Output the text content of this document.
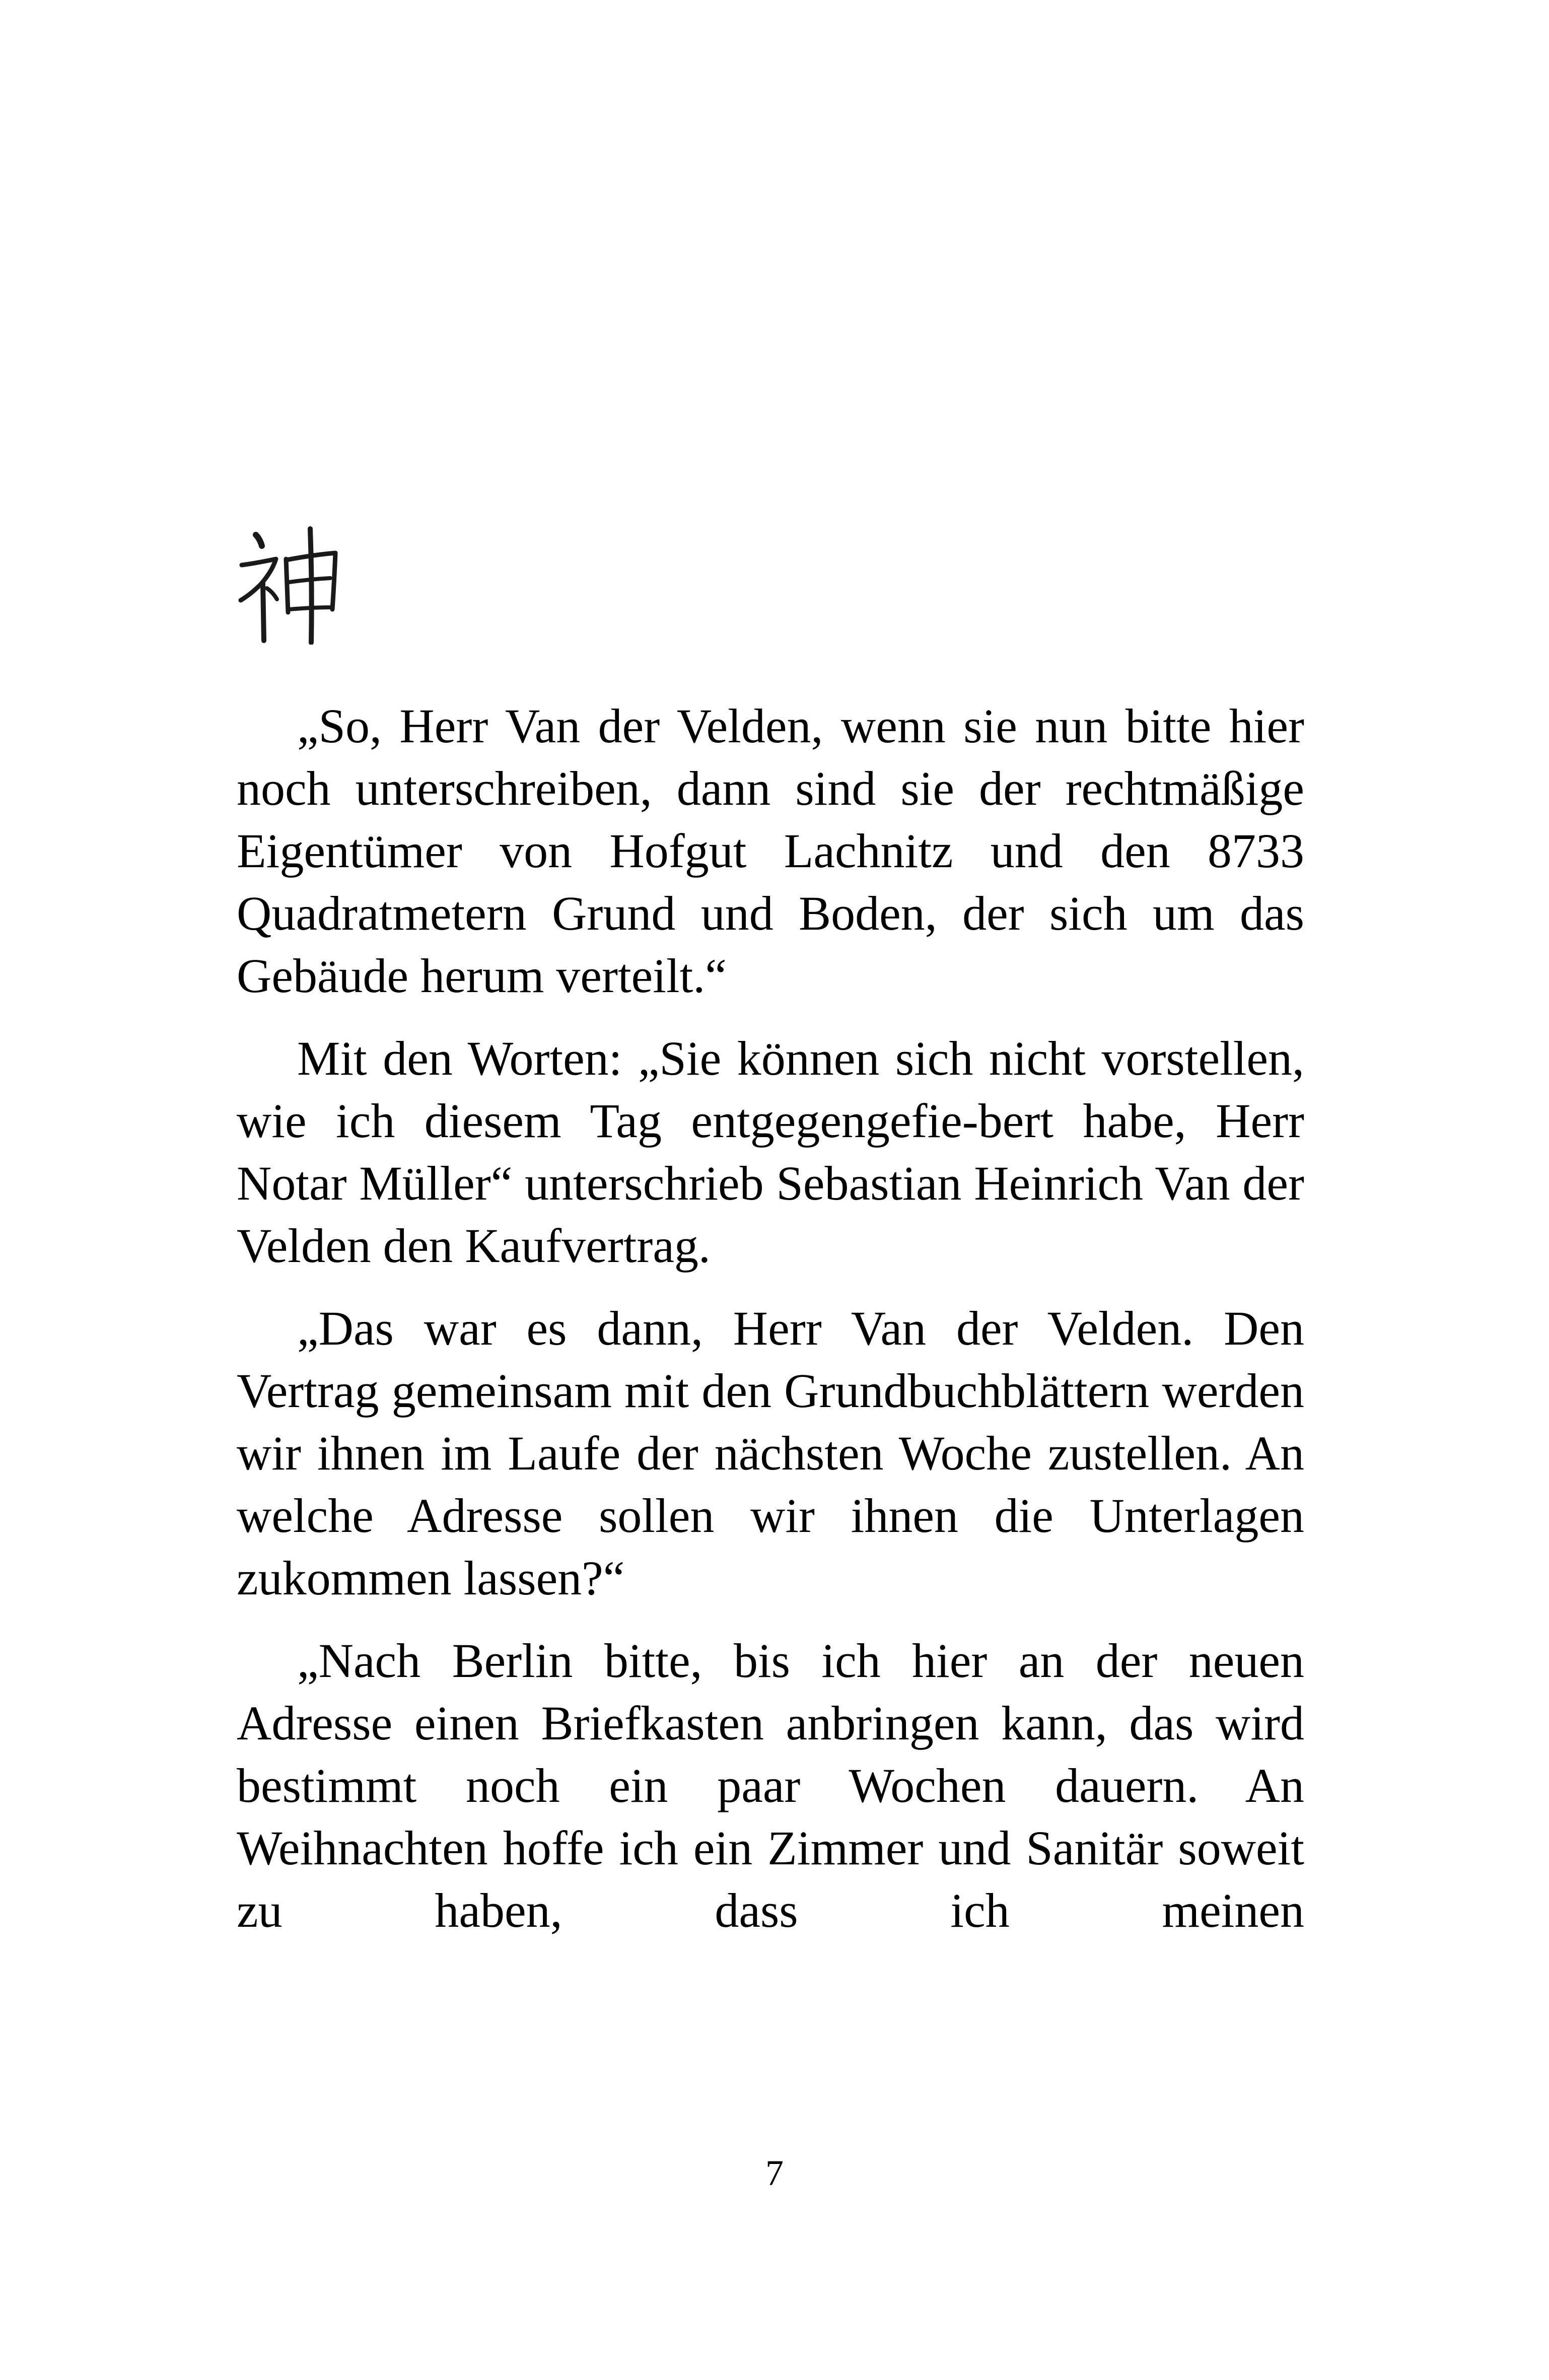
„So, Herr Van der Velden, wenn sie nun bitte hier noch unterschreiben, dann sind sie der rechtmäßige Eigentümer von Hofgut Lachnitz und den 8733 Quadratmetern Grund und Boden, der sich um das Gebäude herum verteilt.“

Mit den Worten: „Sie können sich nicht vorstellen, wie ich diesem Tag entgegengefie-bert habe, Herr Notar Müller“ unterschrieb Sebastian Heinrich Van der Velden den Kaufvertrag.

„Das war es dann, Herr Van der Velden. Den Vertrag gemeinsam mit den Grundbuchblättern werden wir ihnen im Laufe der nächsten Woche zustellen. An welche Adresse sollen wir ihnen die Unterlagen zukommen lassen?“

„Nach Berlin bitte, bis ich hier an der neuen Adresse einen Briefkasten anbringen kann, das wird bestimmt noch ein paar Wochen dauern. An Weihnachten hoffe ich ein Zimmer und Sanitär soweit zu haben, dass ich meinen

7
